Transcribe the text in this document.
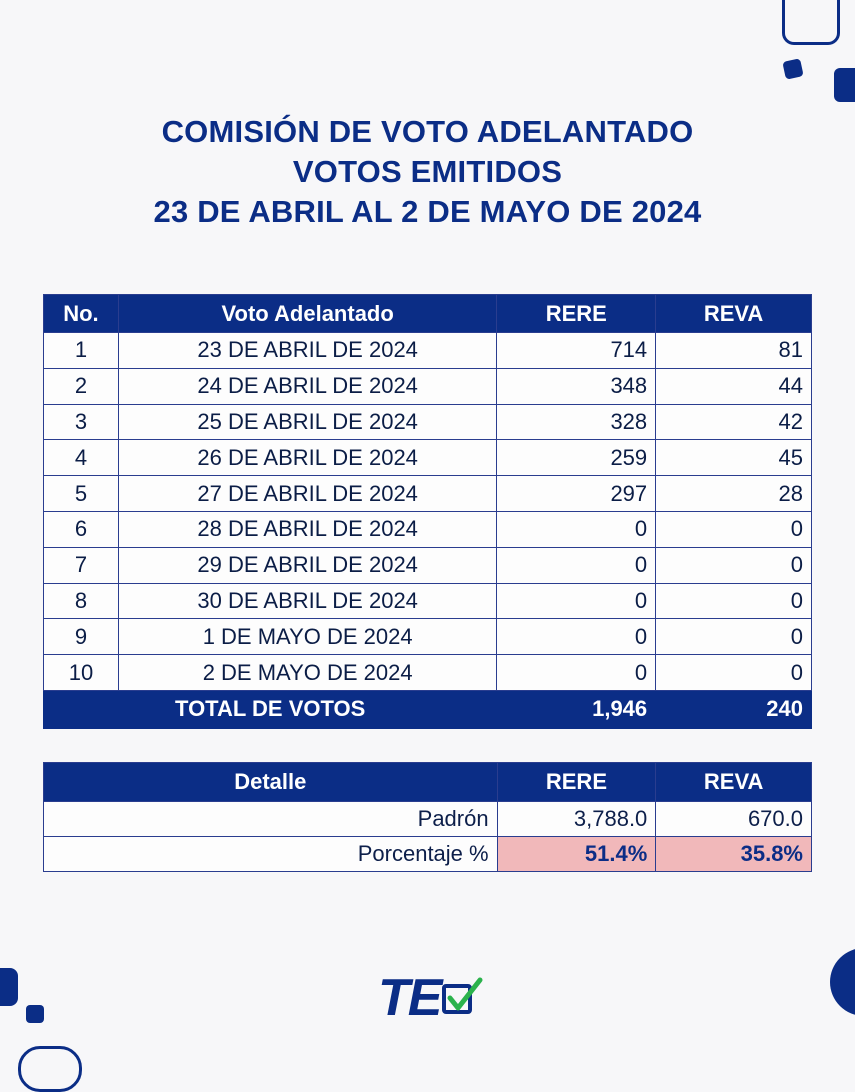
COMISIÓN DE VOTO ADELANTADO
VOTOS EMITIDOS
23 DE ABRIL AL 2 DE MAYO DE 2024
No.	Voto Adelantado	RERE	REVA
1	23 DE ABRIL DE 2024	714	81
2	24 DE ABRIL DE 2024	348	44
3	25 DE ABRIL DE 2024	328	42
4	26 DE ABRIL DE 2024	259	45
5	27 DE ABRIL DE 2024	297	28
6	28 DE ABRIL DE 2024	0	0
7	29 DE ABRIL DE 2024	0	0
8	30 DE ABRIL DE 2024	0	0
9	1 DE MAYO DE 2024	0	0
10	2 DE MAYO DE 2024	0	0
TOTAL DE VOTOS		1,946	240
Detalle	RERE	REVA
Padrón	3,788.0	670.0
Porcentaje %	51.4%	35.8%
TE
